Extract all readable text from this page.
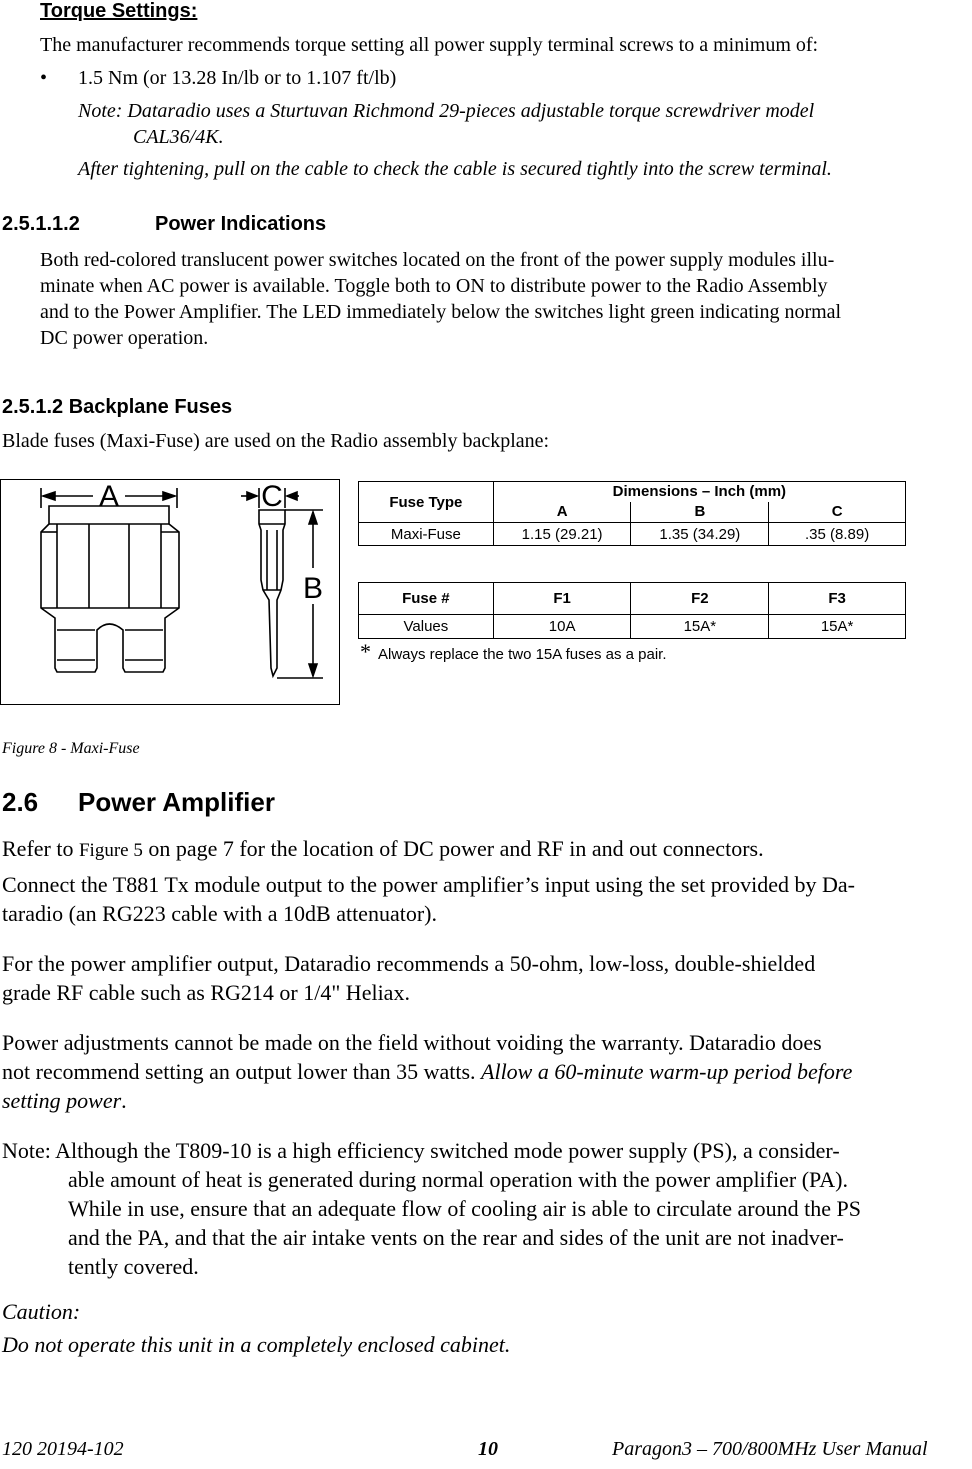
Torque Settings:
The manufacturer recommends torque setting all power supply terminal screws to a minimum of:
• 1.5 Nm (or 13.28 In/lb or to 1.107 ft/lb)
Note: Dataradio uses a Sturtuvan Richmond 29-pieces adjustable torque screwdriver model
CAL36/4K.
After tightening, pull on the cable to check the cable is secured tightly into the screw terminal.
2.5.1.1.2	Power Indications
Both red-colored translucent power switches located on the front of the power supply modules illu-
minate when AC power is available. Toggle both to ON to distribute power to the Radio Assembly
and to the Power Amplifier. The LED immediately below the switches light green indicating normal
DC power operation.
2.5.1.2 Backplane Fuses
Blade fuses (Maxi-Fuse) are used on the Radio assembly backplane:
A	C
B
Fuse Type	Dimensions – Inch (mm)		
	A	B	C
Maxi-Fuse	1.15 (29.21)	1.35 (34.29)	.35 (8.89)
Fuse #	F1	F2	F3
Values	10A	15A*	15A*
* Always replace the two 15A fuses as a pair.
Figure 8 - Maxi-Fuse
2.6 Power Amplifier
Refer to Figure 5 on page 7 for the location of DC power and RF in and out connectors.
Connect the T881 Tx module output to the power amplifier’s input using the set provided by Da-
taradio (an RG223 cable with a 10dB attenuator).
For the power amplifier output, Dataradio recommends a 50-ohm, low-loss, double-shielded
grade RF cable such as RG214 or 1/4" Heliax.
Power adjustments cannot be made on the field without voiding the warranty. Dataradio does
not recommend setting an output lower than 35 watts. Allow a 60-minute warm-up period before
setting power.
Note: Although the T809-10 is a high efficiency switched mode power supply (PS), a consider-
able amount of heat is generated during normal operation with the power amplifier (PA).
While in use, ensure that an adequate flow of cooling air is able to circulate around the PS
and the PA, and that the air intake vents on the rear and sides of the unit are not inadver-
tently covered.
Caution:
Do not operate this unit in a completely enclosed cabinet.
120 20194-102	10	Paragon3 – 700/800MHz User Manual
